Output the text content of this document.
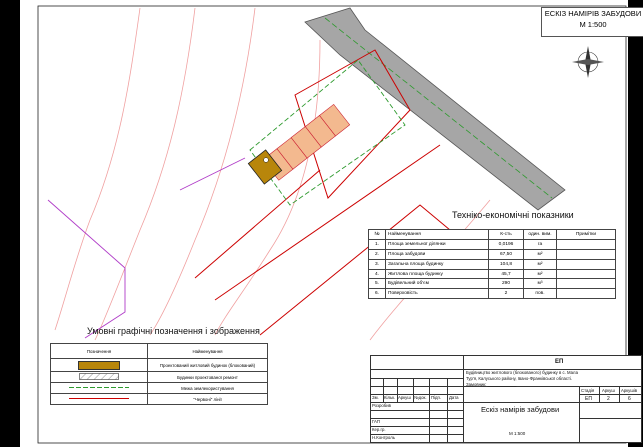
ЕСКІЗ НАМІРІВ ЗАБУДОВИ
М 1:500
Техніко-економічні показники
№	Найменування	К-сть	один. вим.	Примітки
1.	Площа земельної ділянки	0,0196	га	
2.	Площа забудови	67,50	м²	
3.	Загальна площа будинку	104,8	м²	
4.	Житлова площа будинку	45,7	м²	
5.	Будівельний об'єм	290	м³	
6.	Поверховість	2	пов.	
Умовні графічні позначення і зображення
Позначення	Найменування
	Проектований житловий будинок (блокований)
	Будинки проектованої ремонт
	Межа землекористування
	"Червоні" лінії
ЕП
Будівництво житлового (блокованого) будинку в с. Мала Тур'я, Калуського району, Івано-Франківської області. Замовник: ____________
Зм. Кільк. Аркуш №док. Підп. Дата
Розробив
ГАП
Кер.гр.
Н.Контроль
Стадія Аркуш Аркушів
ЕП	2	6
Ескіз намірів забудови
М 1:500
